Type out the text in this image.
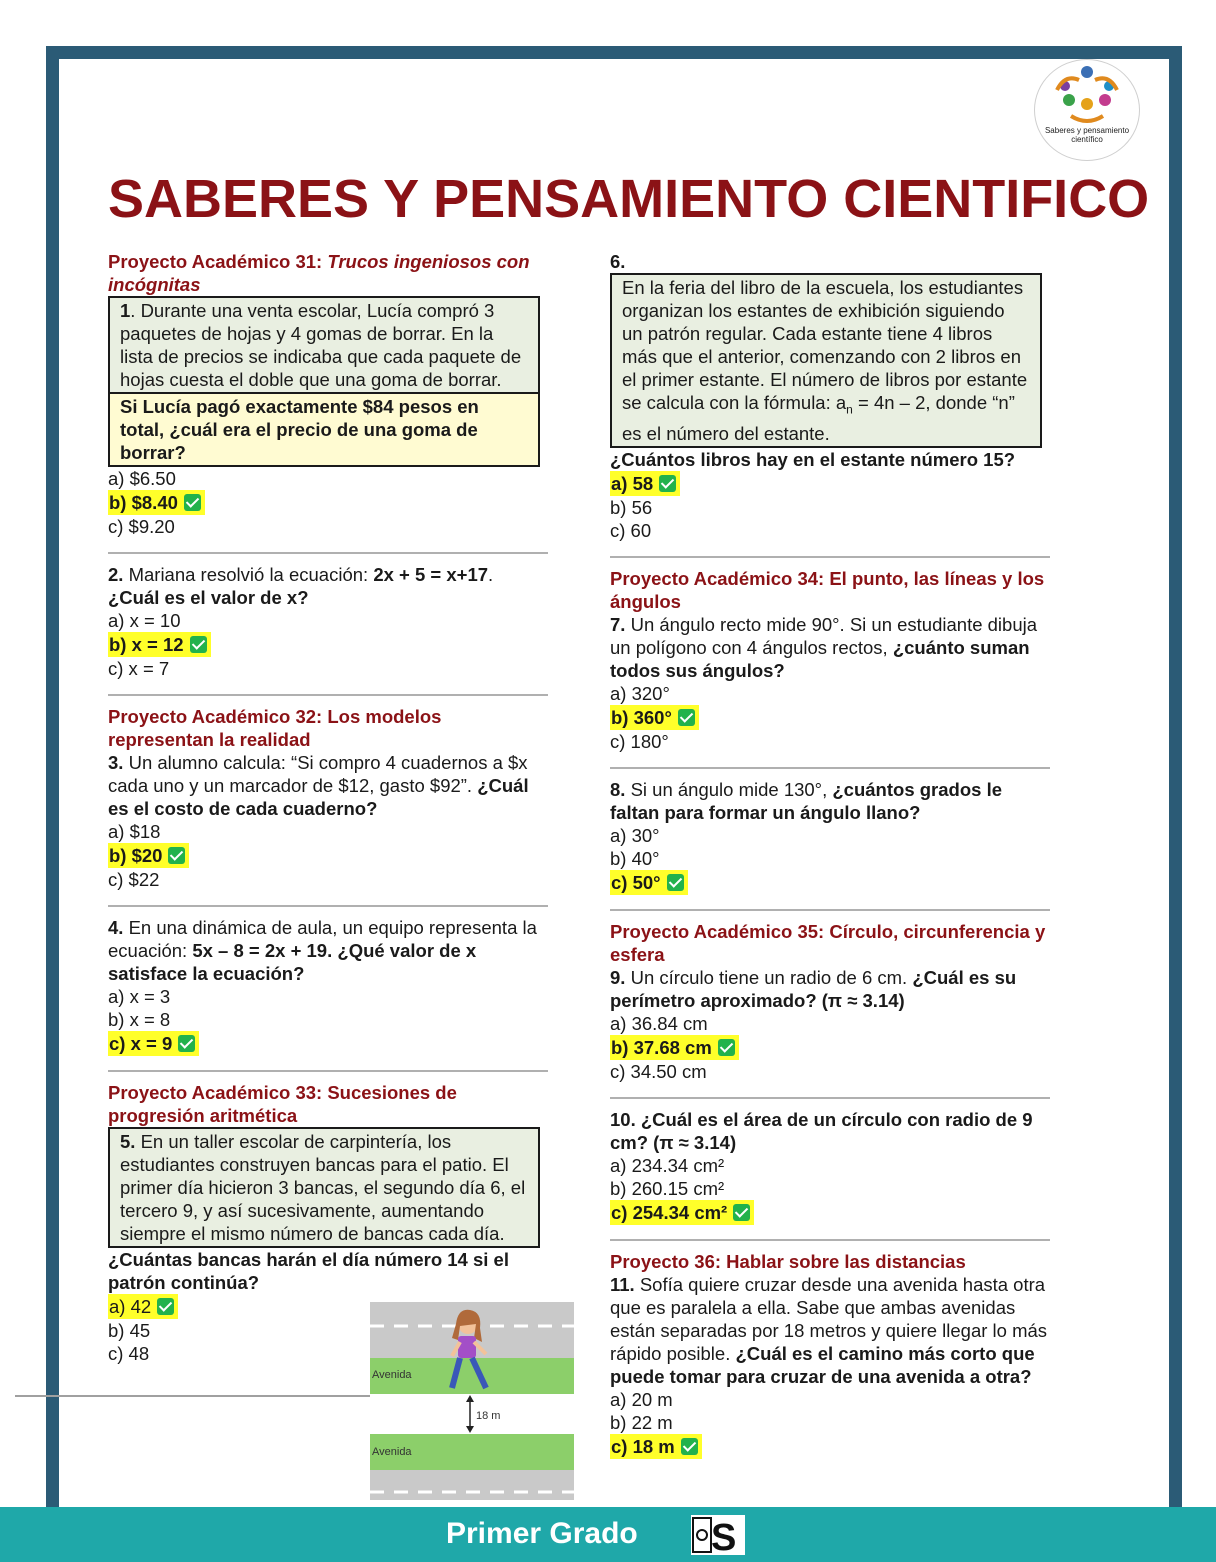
Saberes y pensamiento científico
SABERES Y PENSAMIENTO CIENTIFICO
Proyecto Académico 31: Trucos ingeniosos con incógnitas
1. Durante una venta escolar, Lucía compró 3 paquetes de hojas y 4 gomas de borrar. En la lista de precios se indicaba que cada paquete de hojas cuesta el doble que una goma de borrar.
Si Lucía pagó exactamente $84 pesos en total, ¿cuál era el precio de una goma de borrar?
a) $6.50
b) $8.40
c) $9.20
2. Mariana resolvió la ecuación: 2x + 5 = x+17.
¿Cuál es el valor de x?
a) x = 10
b) x = 12
c) x = 7
Proyecto Académico 32: Los modelos representan la realidad
3. Un alumno calcula: “Si compro 4 cuadernos a $x cada uno y un marcador de $12, gasto $92”. ¿Cuál es el costo de cada cuaderno?
a) $18
b) $20
c) $22
4. En una dinámica de aula, un equipo representa la ecuación: 5x – 8 = 2x + 19. ¿Qué valor de x satisface la ecuación?
a) x = 3
b) x = 8
c) x = 9
Proyecto Académico 33: Sucesiones de progresión aritmética
5. En un taller escolar de carpintería, los estudiantes construyen bancas para el patio. El primer día hicieron 3 bancas, el segundo día 6, el tercero 9, y así sucesivamente, aumentando siempre el mismo número de bancas cada día.
¿Cuántas bancas harán el día número 14 si el patrón continúa?
a) 42
b) 45
c) 48
Avenida
Avenida
18 m
6.
En la feria del libro de la escuela, los estudiantes organizan los estantes de exhibición siguiendo un patrón regular. Cada estante tiene 4 libros más que el anterior, comenzando con 2 libros en el primer estante. El número de libros por estante se calcula con la fórmula: $a_n = 4n - 2$, donde “n” es el número del estante.
¿Cuántos libros hay en el estante número 15?
a) 58
b) 56
c) 60
Proyecto Académico 34: El punto, las líneas y los ángulos
7. Un ángulo recto mide 90°. Si un estudiante dibuja un polígono con 4 ángulos rectos, ¿cuánto suman todos sus ángulos?
a) 320°
b) 360°
c) 180°
8. Si un ángulo mide 130°, ¿cuántos grados le faltan para formar un ángulo llano?
a) 30°
b) 40°
c) 50°
Proyecto Académico 35: Círculo, circunferencia y esfera
9. Un círculo tiene un radio de 6 cm. ¿Cuál es su perímetro aproximado? (π ≈ 3.14)
a) 36.84 cm
b) 37.68 cm
c) 34.50 cm
10. ¿Cuál es el área de un círculo con radio de 9 cm? (π ≈ 3.14)
a) 234.34 cm²
b) 260.15 cm²
c) 254.34 cm²
Proyecto 36: Hablar sobre las distancias
11. Sofía quiere cruzar desde una avenida hasta otra que es paralela a ella. Sabe que ambas avenidas están separadas por 18 metros y quiere llegar lo más rápido posible. ¿Cuál es el camino más corto que puede tomar para cruzar de una avenida a otra?
a) 20 m
b) 22 m
c) 18 m
Primer Grado S
